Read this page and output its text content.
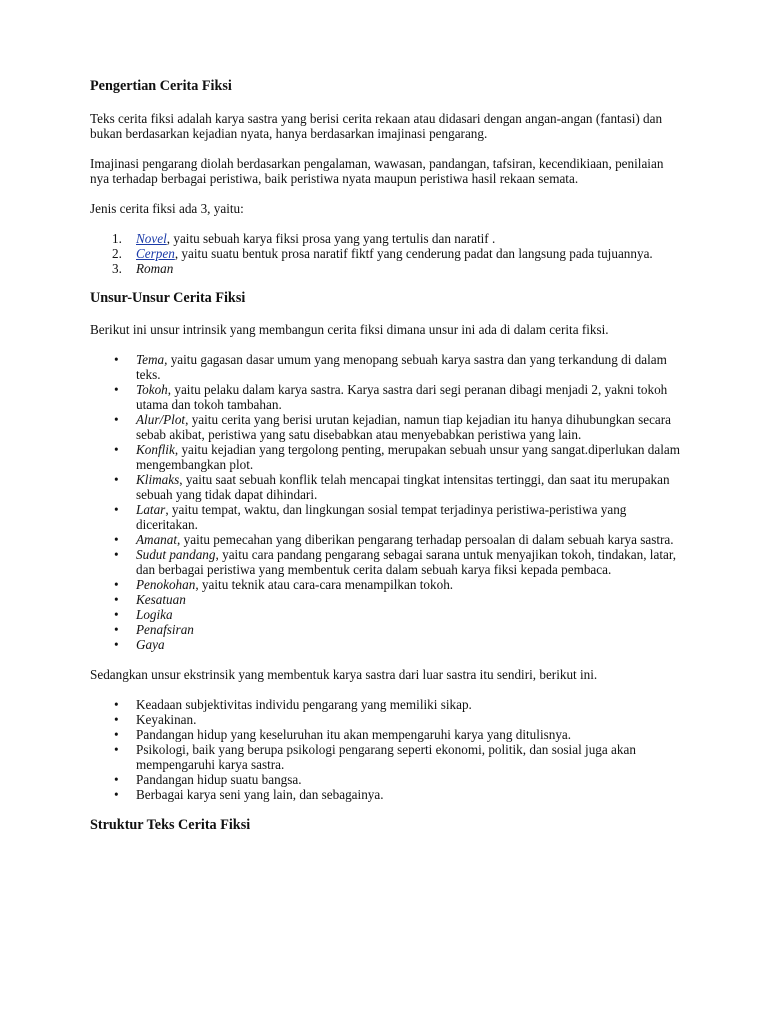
Pengertian Cerita Fiksi

Teks cerita fiksi adalah karya sastra yang berisi cerita rekaan atau didasari dengan angan-angan (fantasi) dan bukan berdasarkan kejadian nyata, hanya berdasarkan imajinasi pengarang.

Imajinasi pengarang diolah berdasarkan pengalaman, wawasan, pandangan, tafsiran, kecendikiaan, penilaian nya terhadap berbagai peristiwa, baik peristiwa nyata maupun peristiwa hasil rekaan semata.

Jenis cerita fiksi ada 3, yaitu:

1. Novel, yaitu sebuah karya fiksi prosa yang yang tertulis dan naratif .
2. Cerpen, yaitu suatu bentuk prosa naratif fiktf yang cenderung padat dan langsung pada tujuannya.
3. Roman
Unsur-Unsur Cerita Fiksi

Berikut ini unsur intrinsik yang membangun cerita fiksi dimana unsur ini ada di dalam cerita fiksi.

• Tema, yaitu gagasan dasar umum yang menopang sebuah karya sastra dan yang terkandung di dalam teks.
• Tokoh, yaitu pelaku dalam karya sastra. Karya sastra dari segi peranan dibagi menjadi 2, yakni tokoh utama dan tokoh tambahan.
• Alur/Plot, yaitu cerita yang berisi urutan kejadian, namun tiap kejadian itu hanya dihubungkan secara sebab akibat, peristiwa yang satu disebabkan atau menyebabkan peristiwa yang lain.
• Konflik, yaitu kejadian yang tergolong penting, merupakan sebuah unsur yang sangat.diperlukan dalam mengembangkan plot.
• Klimaks, yaitu saat sebuah konflik telah mencapai tingkat intensitas tertinggi, dan saat itu merupakan sebuah yang tidak dapat dihindari.
• Latar, yaitu tempat, waktu, dan lingkungan sosial tempat terjadinya peristiwa-peristiwa yang diceritakan.
• Amanat, yaitu pemecahan yang diberikan pengarang terhadap persoalan di dalam sebuah karya sastra.
• Sudut pandang, yaitu cara pandang pengarang sebagai sarana untuk menyajikan tokoh, tindakan, latar, dan berbagai peristiwa yang membentuk cerita dalam sebuah karya fiksi kepada pembaca.
• Penokohan, yaitu teknik atau cara-cara menampilkan tokoh.
• Kesatuan
• Logika
• Penafsiran
• Gaya

Sedangkan unsur ekstrinsik yang membentuk karya sastra dari luar sastra itu sendiri, berikut ini.

• Keadaan subjektivitas individu pengarang yang memiliki sikap.
• Keyakinan.
• Pandangan hidup yang keseluruhan itu akan mempengaruhi karya yang ditulisnya.
• Psikologi, baik yang berupa psikologi pengarang seperti ekonomi, politik, dan sosial juga akan mempengaruhi karya sastra.
• Pandangan hidup suatu bangsa.
• Berbagai karya seni yang lain, dan sebagainya.
Struktur Teks Cerita Fiksi
